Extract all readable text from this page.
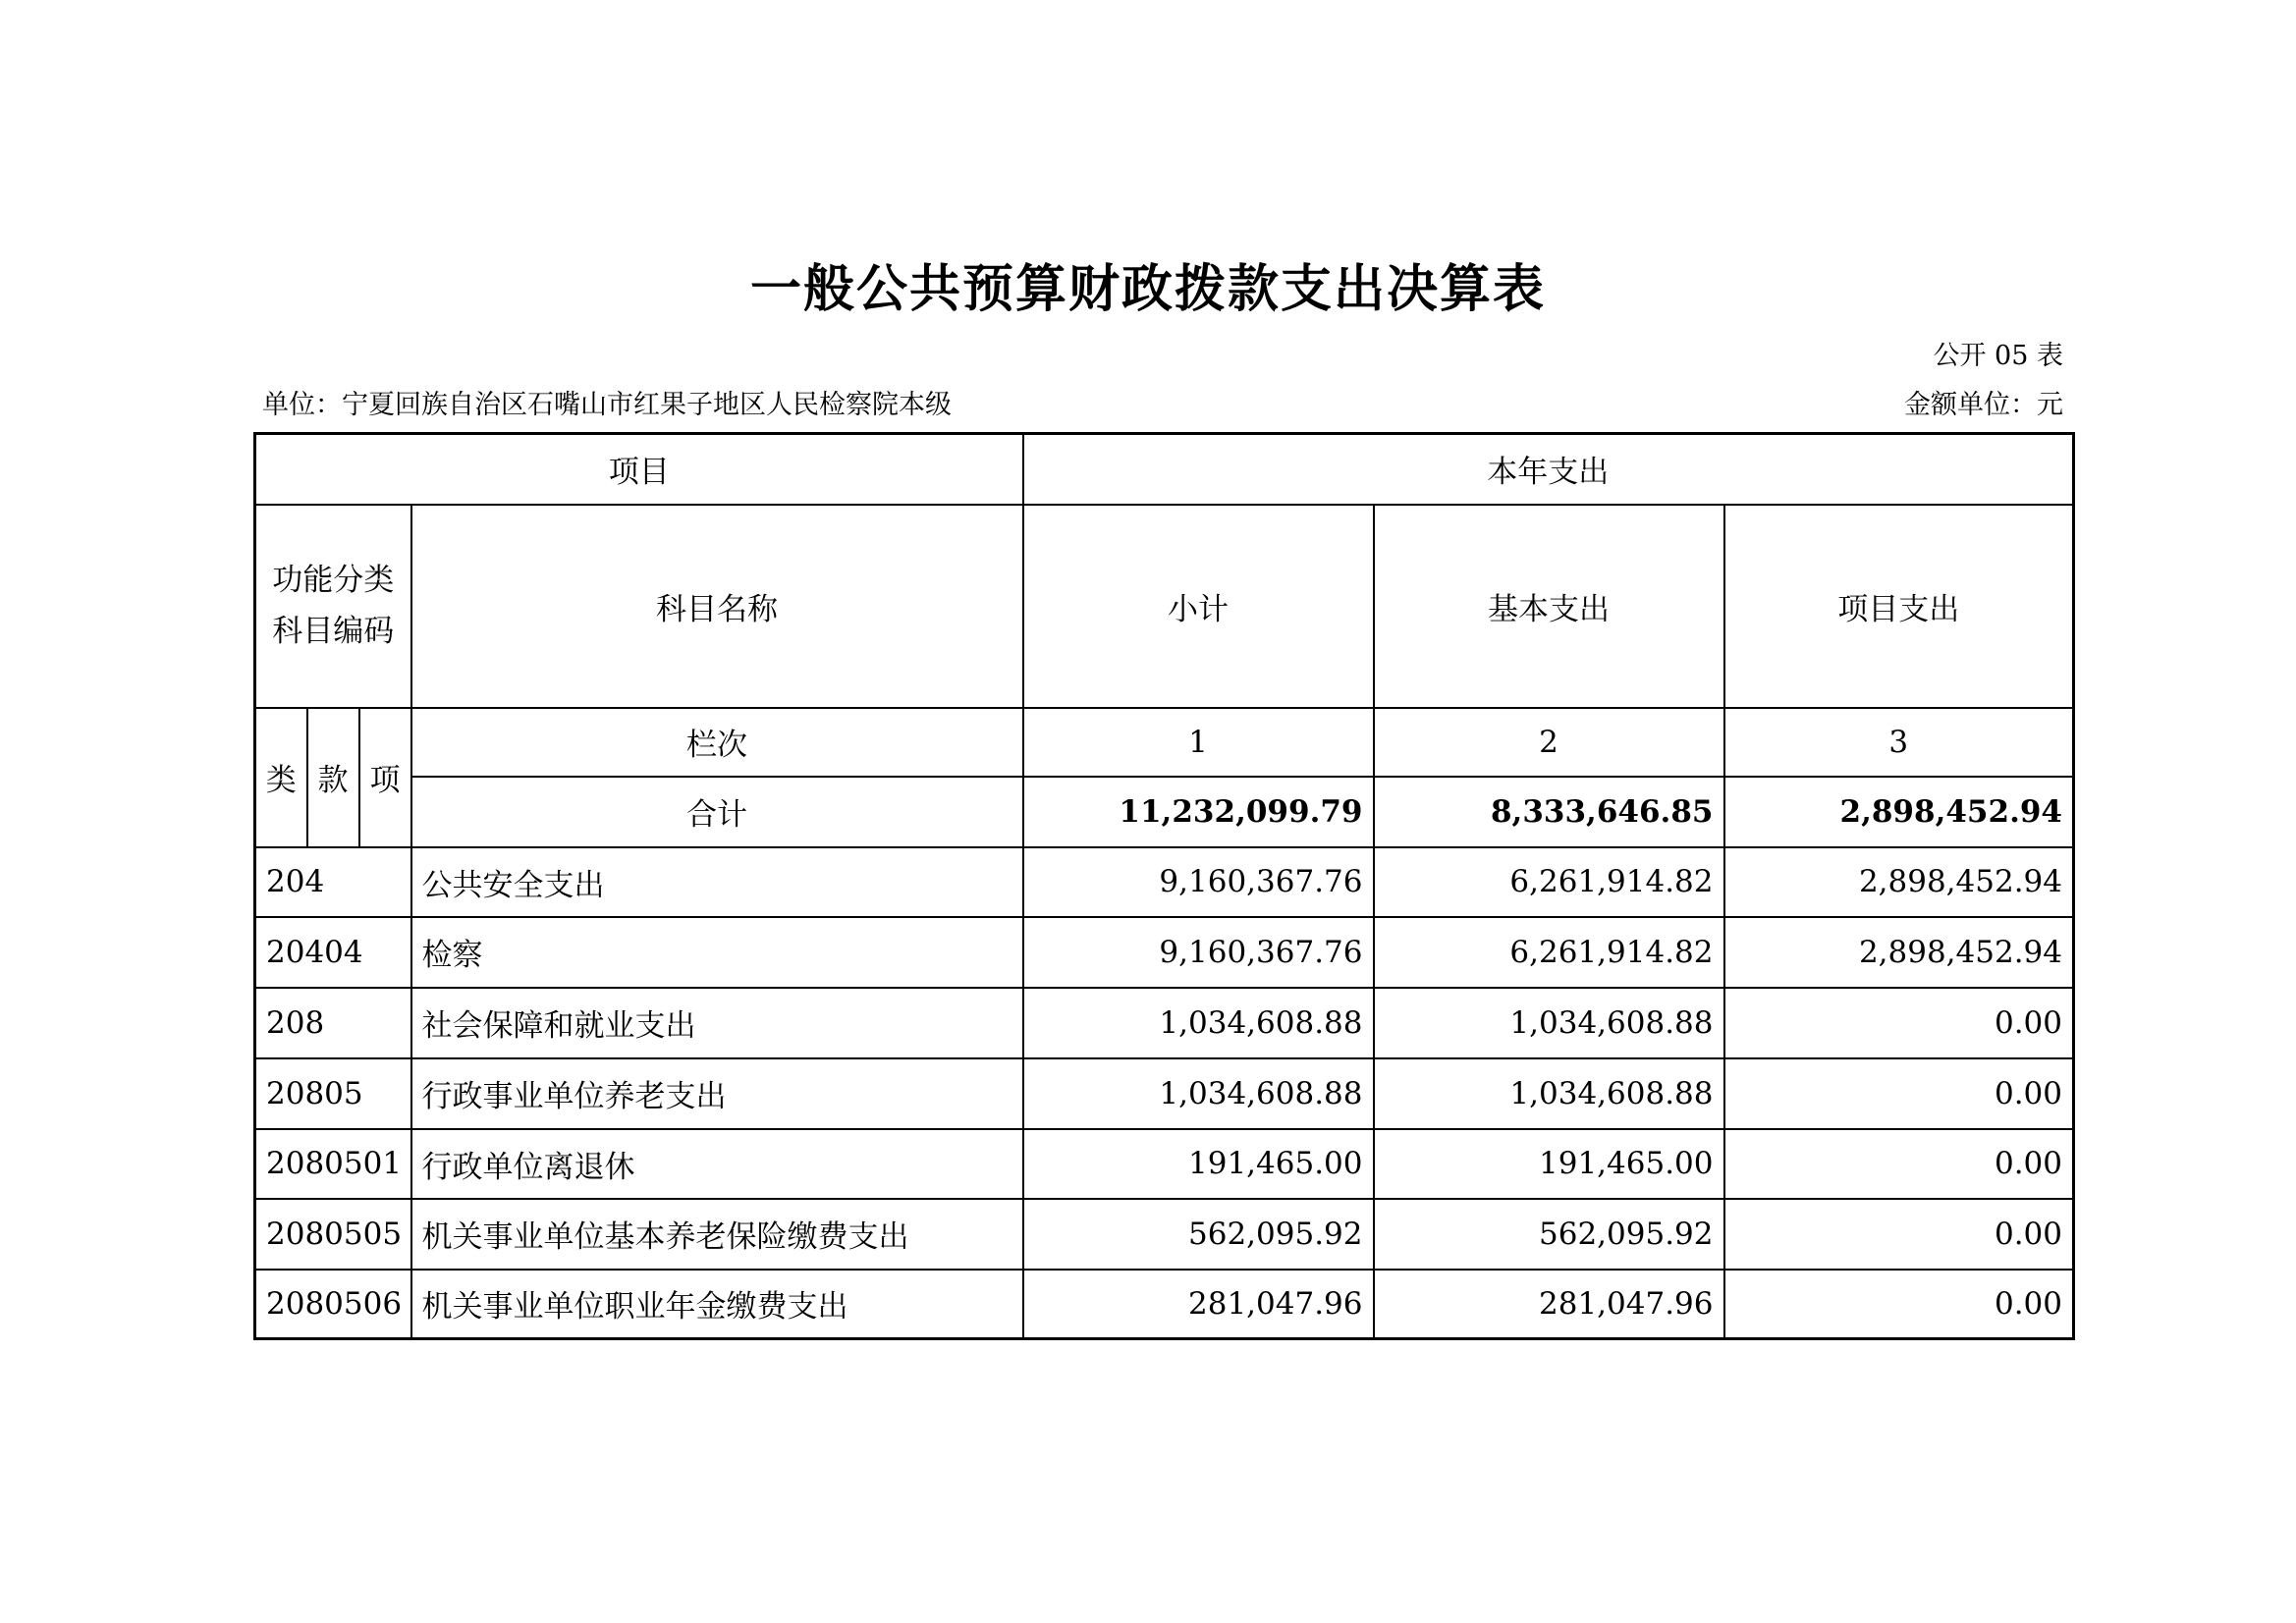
一般公共预算财政拨款支出决算表
公开 05 表
单位：宁夏回族自治区石嘴山市红果子地区人民检察院本级	金额单位：元
项目				本年支出		
功能分类科目编码			科目名称	小计	基本支出	项目支出
类	款	项	栏次	1	2	3
			合计	11,232,099.79	8,333,646.85	2,898,452.94
204			公共安全支出	9,160,367.76	6,261,914.82	2,898,452.94
20404			检察	9,160,367.76	6,261,914.82	2,898,452.94
208			社会保障和就业支出	1,034,608.88	1,034,608.88	0.00
20805			行政事业单位养老支出	1,034,608.88	1,034,608.88	0.00
2080501			行政单位离退休	191,465.00	191,465.00	0.00
2080505			机关事业单位基本养老保险缴费支出	562,095.92	562,095.92	0.00
2080506			机关事业单位职业年金缴费支出	281,047.96	281,047.96	0.00
